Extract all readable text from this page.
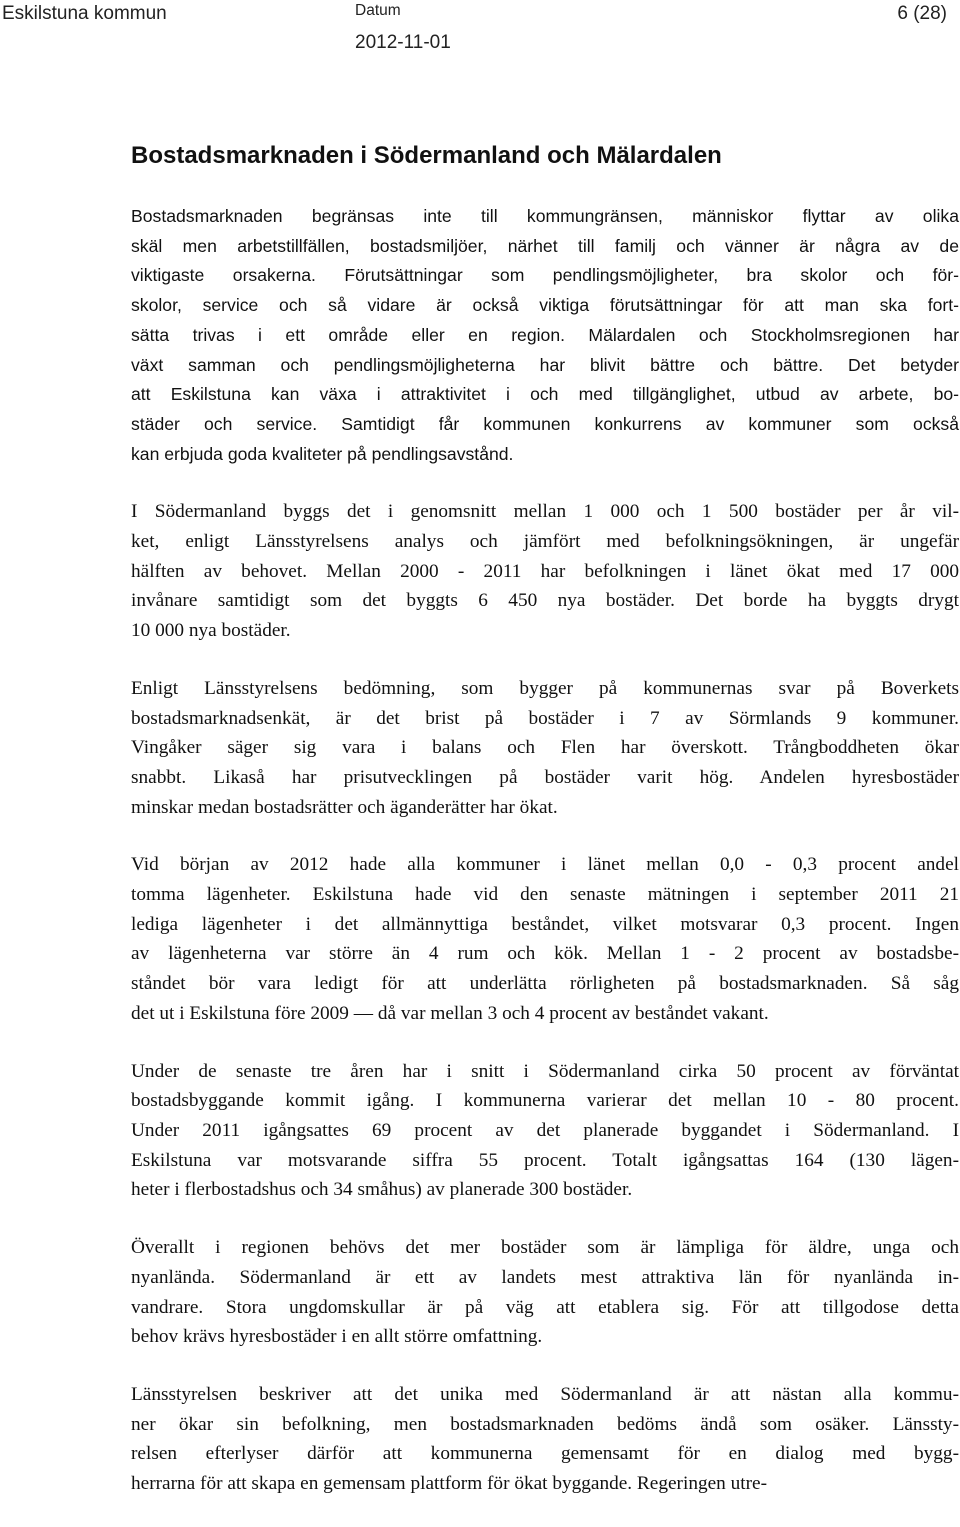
Eskilstuna kommun	Datum
2012-11-01
6 (28)
Bostadsmarknaden i Södermanland och Mälardalen

Bostadsmarknaden begränsas inte till kommungränsen, människor flyttar av olika
skäl men arbetstillfällen, bostadsmiljöer, närhet till familj och vänner är några av de
viktigaste orsakerna. Förutsättningar som pendlingsmöjligheter, bra skolor och för-
skolor, service och så vidare är också viktiga förutsättningar för att man ska fort-
sätta trivas i ett område eller en region. Mälardalen och Stockholmsregionen har
växt samman och pendlingsmöjligheterna har blivit bättre och bättre. Det betyder
att Eskilstuna kan växa i attraktivitet i och med tillgänglighet, utbud av arbete, bo-
städer och service. Samtidigt får kommunen konkurrens av kommuner som också
kan erbjuda goda kvaliteter på pendlingsavstånd.

I Södermanland byggs det i genomsnitt mellan 1 000 och 1 500 bostäder per år vil-
ket, enligt Länsstyrelsens analys och jämfört med befolkningsökningen, är ungefär
hälften av behovet. Mellan 2000 - 2011 har befolkningen i länet ökat med 17 000
invånare samtidigt som det byggts 6 450 nya bostäder. Det borde ha byggts drygt
10 000 nya bostäder.

Enligt Länsstyrelsens bedömning, som bygger på kommunernas svar på Boverkets
bostadsmarknadsenkät, är det brist på bostäder i 7 av Sörmlands 9 kommuner.
Vingåker säger sig vara i balans och Flen har överskott. Trångboddheten ökar
snabbt. Likaså har prisutvecklingen på bostäder varit hög. Andelen hyresbostäder
minskar medan bostadsrätter och äganderätter har ökat.

Vid början av 2012 hade alla kommuner i länet mellan 0,0 - 0,3 procent andel
tomma lägenheter. Eskilstuna hade vid den senaste mätningen i september 2011 21
lediga lägenheter i det allmännyttiga beståndet, vilket motsvarar 0,3 procent. Ingen
av lägenheterna var större än 4 rum och kök. Mellan 1 - 2 procent av bostadsbe-
ståndet bör vara ledigt för att underlätta rörligheten på bostadsmarknaden. Så såg
det ut i Eskilstuna före 2009 — då var mellan 3 och 4 procent av beståndet vakant.

Under de senaste tre åren har i snitt i Södermanland cirka 50 procent av förväntat
bostadsbyggande kommit igång. I kommunerna varierar det mellan 10 - 80 procent.
Under 2011 igångsattes 69 procent av det planerade byggandet i Södermanland. I
Eskilstuna var motsvarande siffra 55 procent. Totalt igångsattas 164 (130 lägen-
heter i flerbostadshus och 34 småhus) av planerade 300 bostäder.

Överallt i regionen behövs det mer bostäder som är lämpliga för äldre, unga och
nyanlända. Södermanland är ett av landets mest attraktiva län för nyanlända in-
vandrare. Stora ungdomskullar är på väg att etablera sig. För att tillgodose detta
behov krävs hyresbostäder i en allt större omfattning.

Länsstyrelsen beskriver att det unika med Södermanland är att nästan alla kommu-
ner ökar sin befolkning, men bostadsmarknaden bedöms ändå som osäker. Länssty-
relsen efterlyser därför att kommunerna gemensamt för en dialog med bygg-
herrarna för att skapa en gemensam plattform för ökat byggande. Regeringen utre-
